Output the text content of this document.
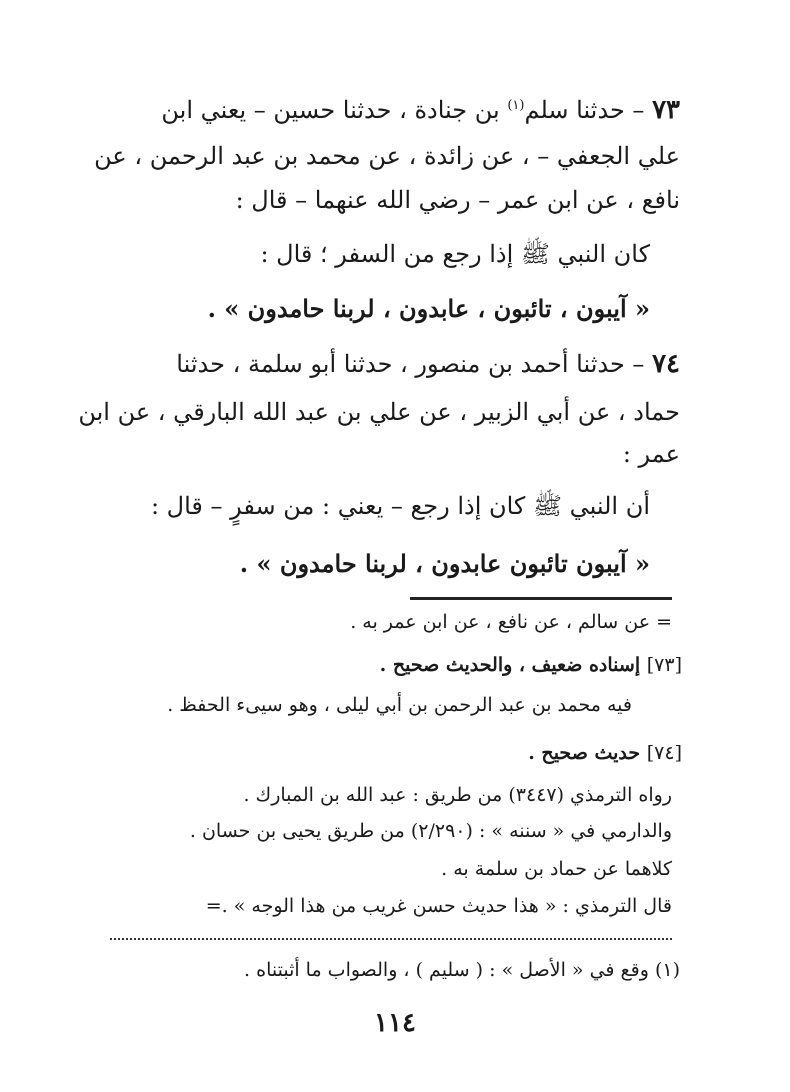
٧٣ – حدثنا سلم$^{(١)}$ بن جنادة ، حدثنا حسين – يعني ابن
علي الجعفي – ، عن زائدة ، عن محمد بن عبد الرحمن ، عن
نافع ، عن ابن عمر – رضي الله عنهما – قال :
كان النبي ﷺ إذا رجع من السفر ؛ قال :
« آيبون ، تائبون ، عابدون ، لربنا حامدون » .
٧٤ – حدثنا أحمد بن منصور ، حدثنا أبو سلمة ، حدثنا
حماد ، عن أبي الزبير ، عن علي بن عبد الله البارقي ، عن ابن
عمر :
أن النبي ﷺ كان إذا رجع – يعني : من سفرٍ – قال :
« آيبون تائبون عابدون ، لربنا حامدون » .
= عن سالم ، عن نافع ، عن ابن عمر به .
[٧٣] إسناده ضعيف ، والحديث صحيح .
فيه محمد بن عبد الرحمن بن أبي ليلى ، وهو سيىء الحفظ .
[٧٤] حديث صحيح .
رواه الترمذي (٣٤٤٧) من طريق : عبد الله بن المبارك .
والدارمي في « سننه » : (٢/٢٩٠) من طريق يحيى بن حسان .
كلاهما عن حماد بن سلمة به .
قال الترمذي : « هذا حديث حسن غريب من هذا الوجه » .=
(١) وقع في « الأصل » : ( سليم ) ، والصواب ما أثبتناه .
١١٤
